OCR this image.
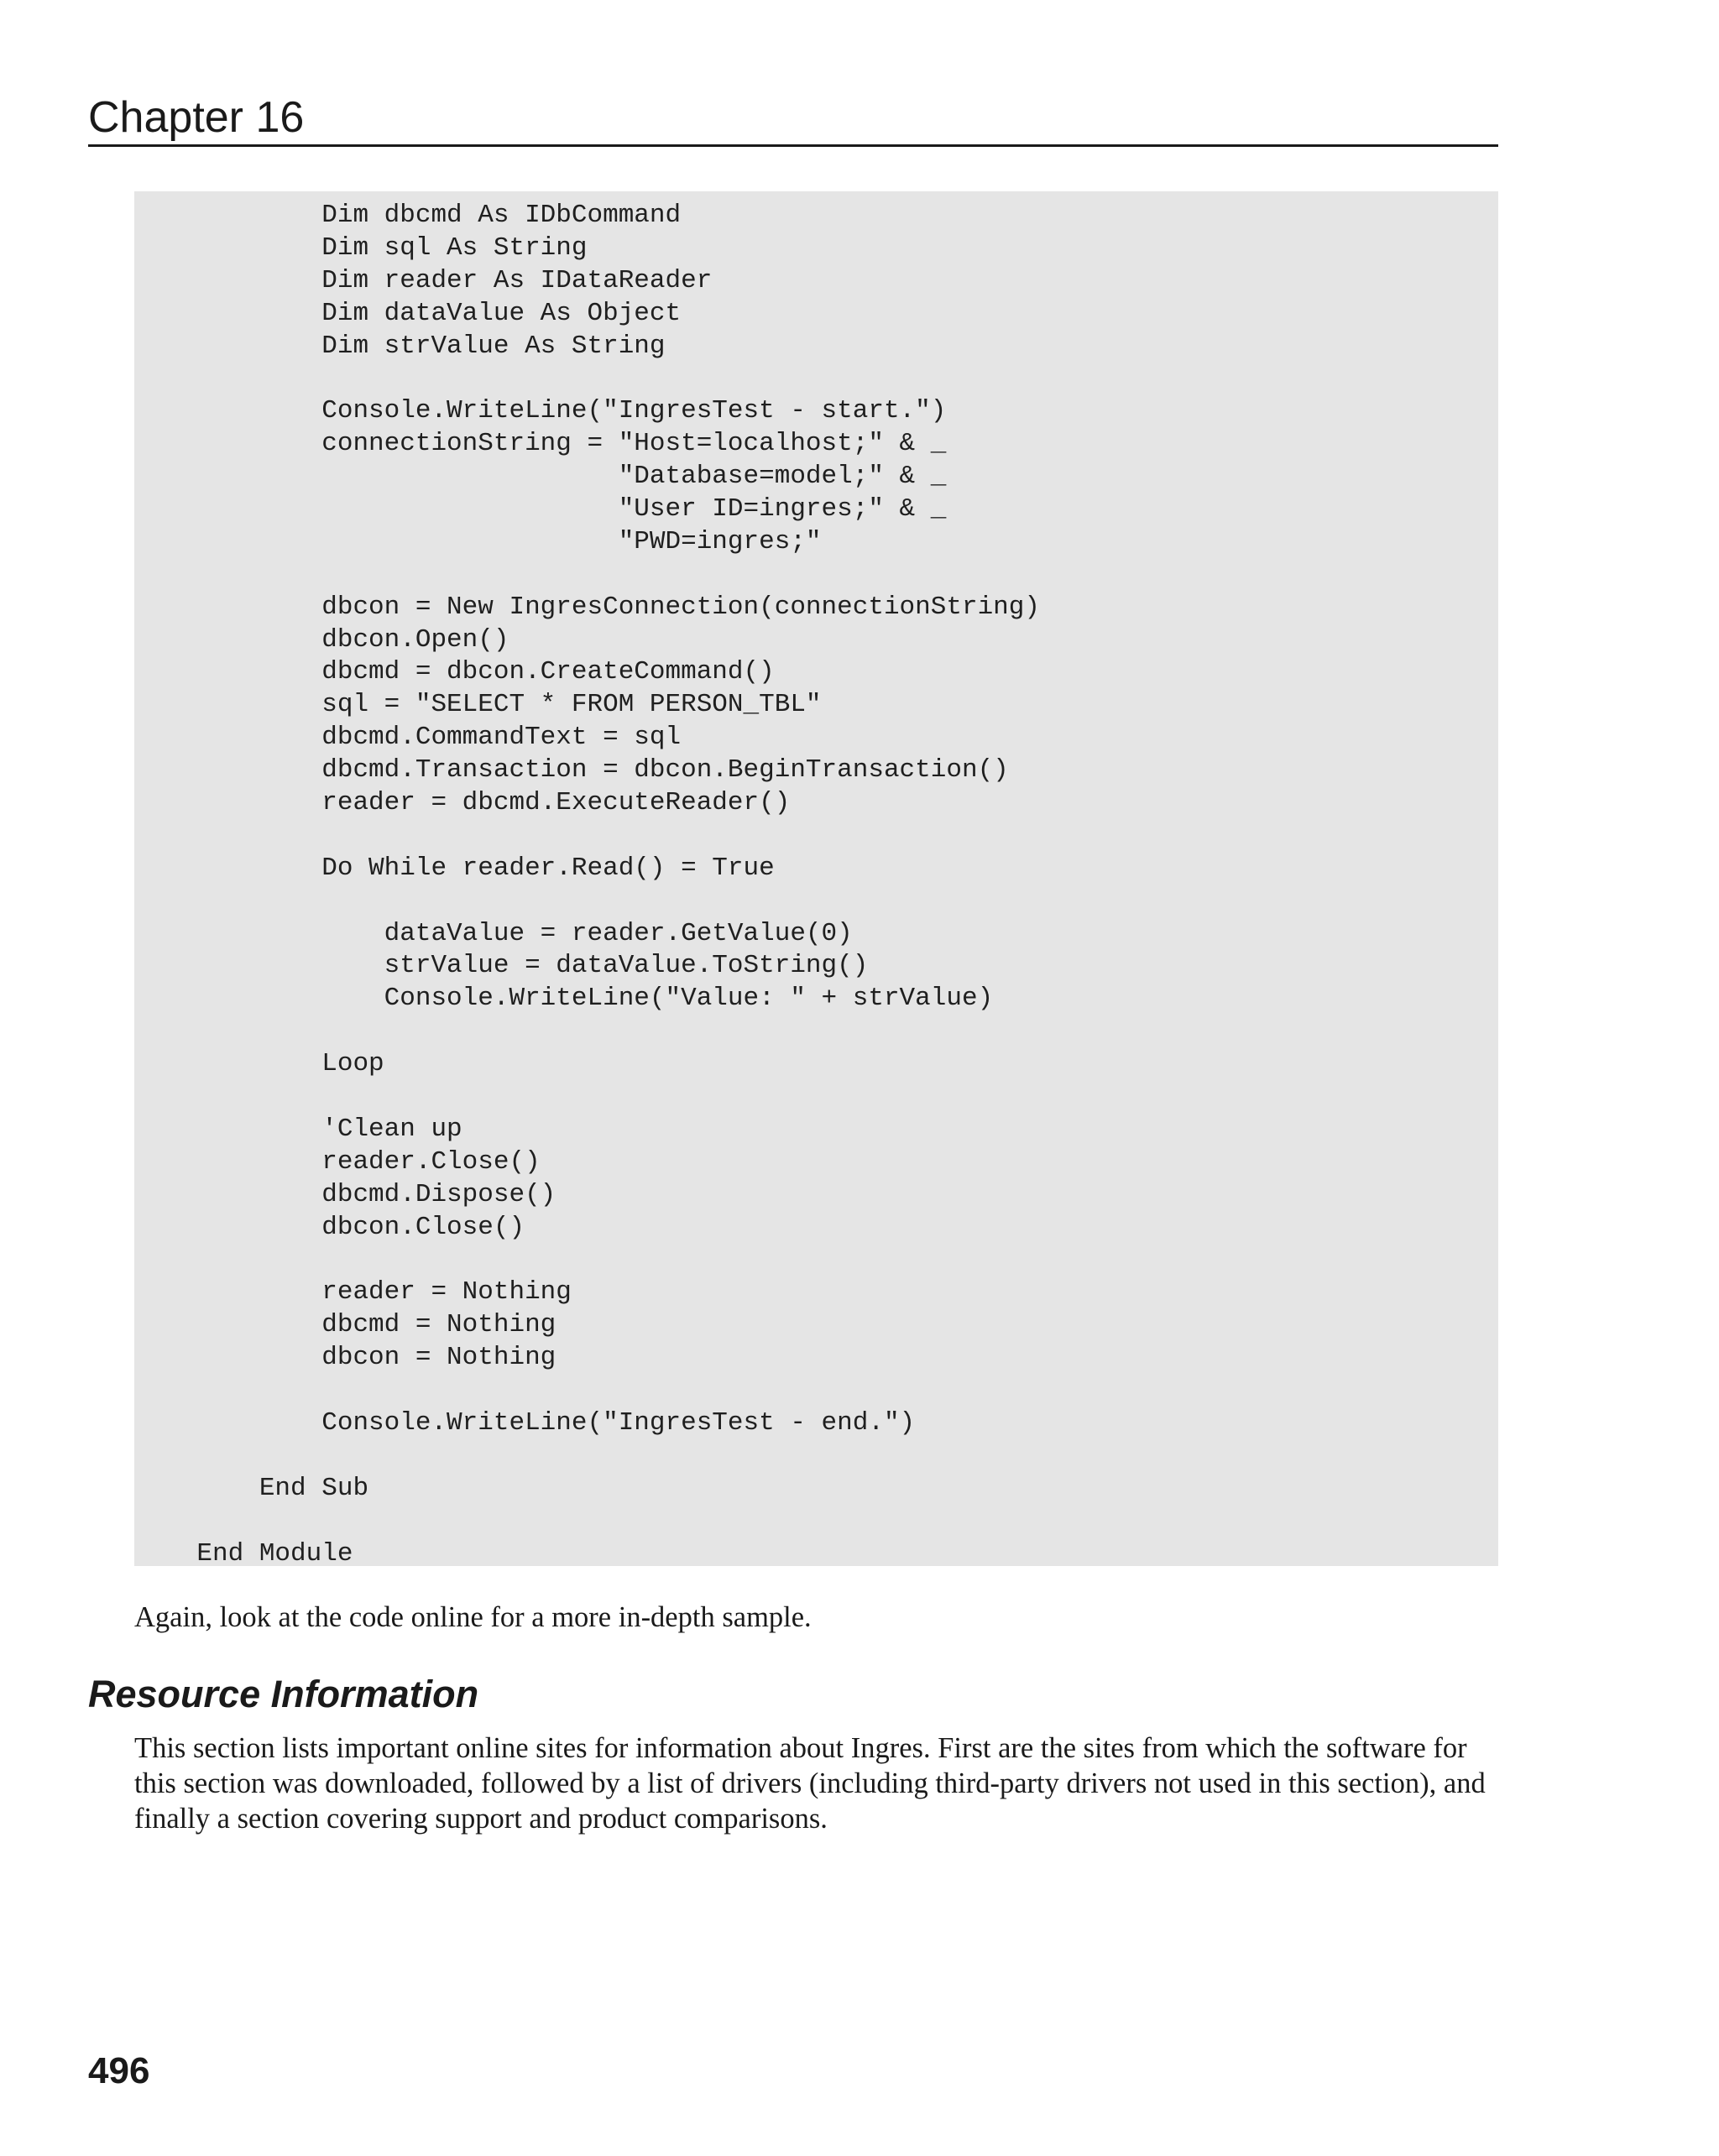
Chapter 16
Dim dbcmd As IDbCommand
Dim sql As String
Dim reader As IDataReader
Dim dataValue As Object
Dim strValue As String
Console.WriteLine("IngresTest - start.")
connectionString = "Host=localhost;" & _
"Database=model;" & _
"User ID=ingres;" & _
"PWD=ingres;"
dbcon = New IngresConnection(connectionString)
dbcon.Open()
dbcmd = dbcon.CreateCommand()
sql = "SELECT * FROM PERSON_TBL"
dbcmd.CommandText = sql
dbcmd.Transaction = dbcon.BeginTransaction()
reader = dbcmd.ExecuteReader()
Do While reader.Read() = True
dataValue = reader.GetValue(0)
strValue = dataValue.ToString()
Console.WriteLine("Value: " + strValue)
Loop
'Clean up
reader.Close()
dbcmd.Dispose()
dbcon.Close()
reader = Nothing
dbcmd = Nothing
dbcon = Nothing
Console.WriteLine("IngresTest - end.")
End Sub
End Module

Again, look at the code online for a more in-depth sample.

Resource Information

This section lists important online sites for information about Ingres. First are the sites from which the software for this section was downloaded, followed by a list of drivers (including third-party drivers not used in this section), and finally a section covering support and product comparisons.

496
